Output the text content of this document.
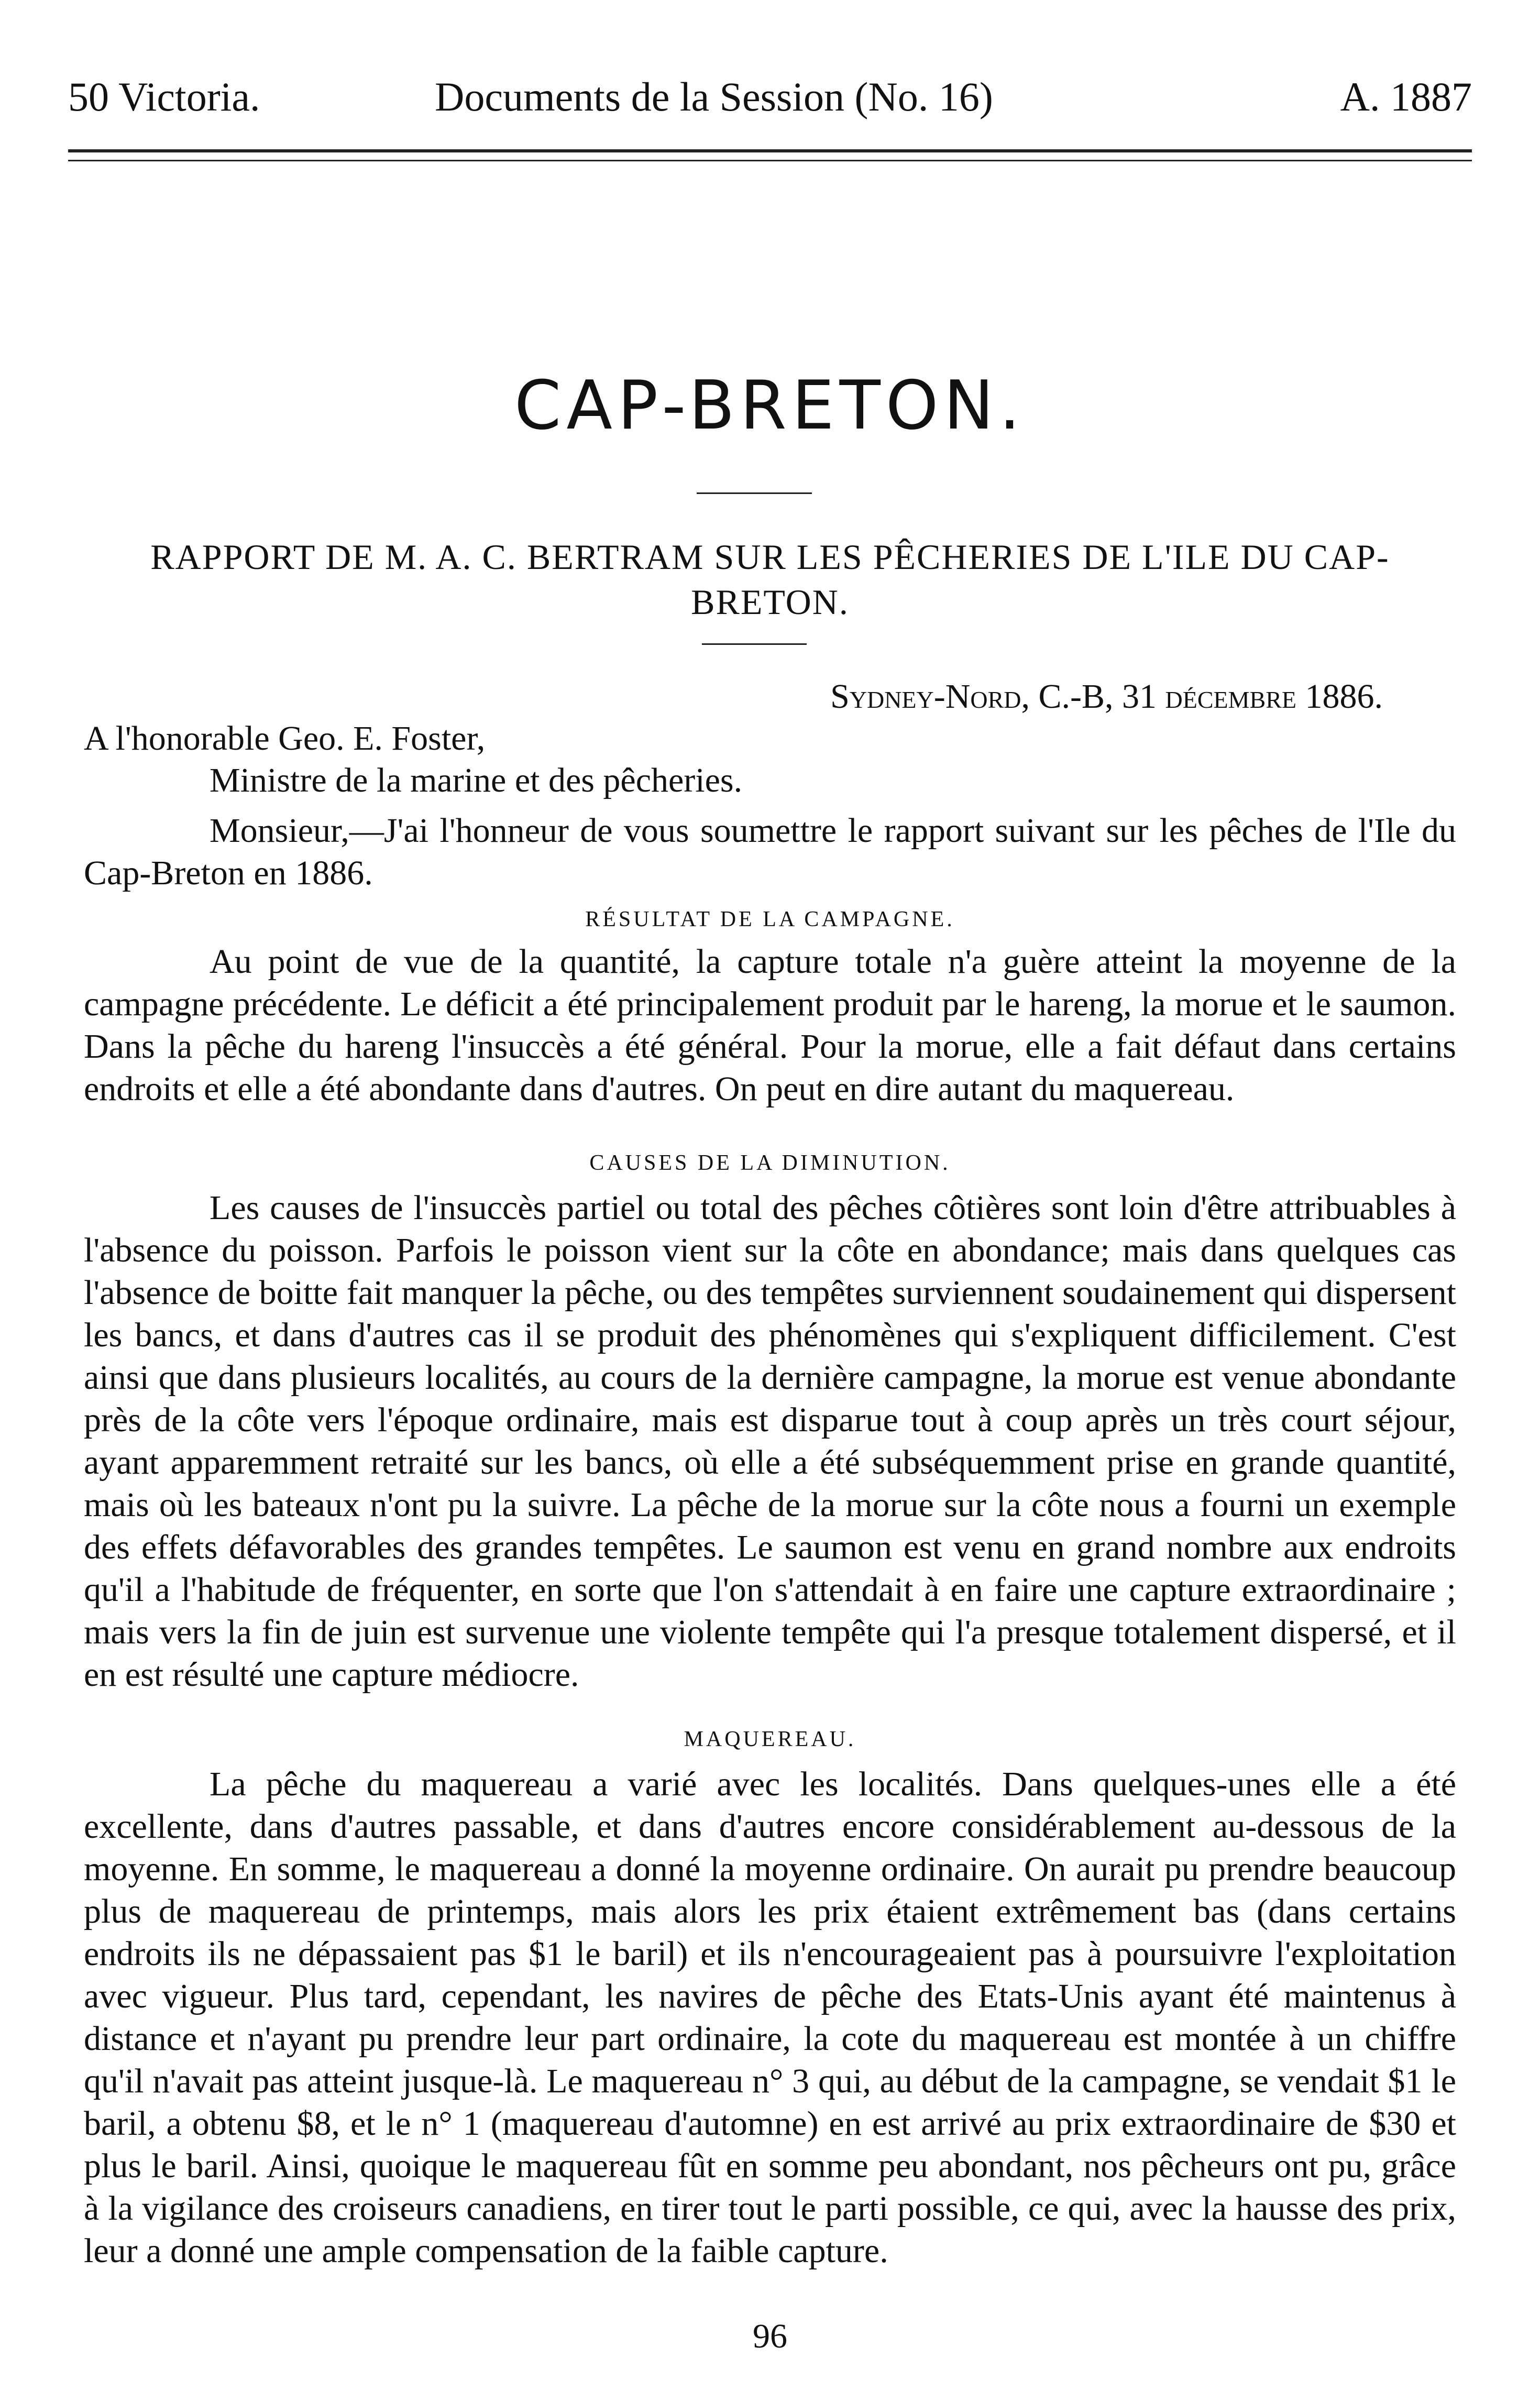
50 Victoria.	Documents de la Session (No. 16)	A. 1887
CAP-BRETON.
RAPPORT DE M. A. C. BERTRAM SUR LES PÊCHERIES DE L'ILE DU CAP-BRETON.
Sydney-Nord, C.-B, 31 décembre 1886.
A l'honorable Geo. E. Foster,
Ministre de la marine et des pêcheries.
Monsieur,—J'ai l'honneur de vous soumettre le rapport suivant sur les pêches de l'Ile du Cap-Breton en 1886.
RÉSULTAT DE LA CAMPAGNE.
Au point de vue de la quantité, la capture totale n'a guère atteint la moyenne de la campagne précédente. Le déficit a été principalement produit par le hareng, la morue et le saumon. Dans la pêche du hareng l'insuccès a été général. Pour la morue, elle a fait défaut dans certains endroits et elle a été abondante dans d'autres. On peut en dire autant du maquereau.
CAUSES DE LA DIMINUTION.
Les causes de l'insuccès partiel ou total des pêches côtières sont loin d'être attribuables à l'absence du poisson. Parfois le poisson vient sur la côte en abondance; mais dans quelques cas l'absence de boitte fait manquer la pêche, ou des tempêtes surviennent soudainement qui dispersent les bancs, et dans d'autres cas il se produit des phénomènes qui s'expliquent difficilement. C'est ainsi que dans plusieurs localités, au cours de la dernière campagne, la morue est venue abondante près de la côte vers l'époque ordinaire, mais est disparue tout à coup après un très court séjour, ayant apparemment retraité sur les bancs, où elle a été subséquemment prise en grande quantité, mais où les bateaux n'ont pu la suivre. La pêche de la morue sur la côte nous a fourni un exemple des effets défavorables des grandes tempêtes. Le saumon est venu en grand nombre aux endroits qu'il a l'habitude de fréquenter, en sorte que l'on s'attendait à en faire une capture extraordinaire ; mais vers la fin de juin est survenue une violente tempête qui l'a presque totalement dispersé, et il en est résulté une capture médiocre.
MAQUEREAU.
La pêche du maquereau a varié avec les localités. Dans quelques-unes elle a été excellente, dans d'autres passable, et dans d'autres encore considérablement au-dessous de la moyenne. En somme, le maquereau a donné la moyenne ordinaire. On aurait pu prendre beaucoup plus de maquereau de printemps, mais alors les prix étaient extrêmement bas (dans certains endroits ils ne dépassaient pas $1 le baril) et ils n'encourageaient pas à poursuivre l'exploitation avec vigueur. Plus tard, cependant, les navires de pêche des Etats-Unis ayant été maintenus à distance et n'ayant pu prendre leur part ordinaire, la cote du maquereau est montée à un chiffre qu'il n'avait pas atteint jusque-là. Le maquereau n° 3 qui, au début de la campagne, se vendait $1 le baril, a obtenu $8, et le n° 1 (maquereau d'automne) en est arrivé au prix extraordinaire de $30 et plus le baril. Ainsi, quoique le maquereau fût en somme peu abondant, nos pêcheurs ont pu, grâce à la vigilance des croiseurs canadiens, en tirer tout le parti possible, ce qui, avec la hausse des prix, leur a donné une ample compensation de la faible capture.
96
